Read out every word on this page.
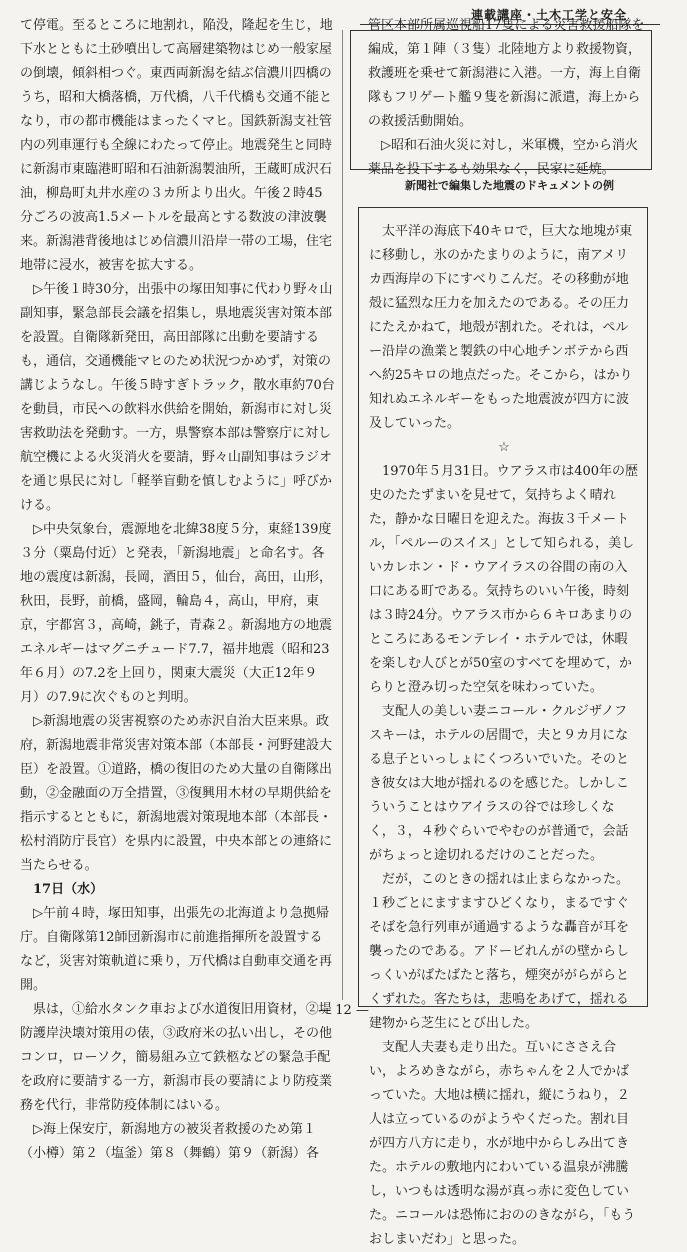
連載講座・土木工学と安全

て停電。至るところに地割れ，陥没，隆起を生じ，地下水とともに土砂噴出して高層建築物はじめ一般家屋の倒壊，傾斜相つぐ。東西両新潟を結ぶ信濃川四橋のうち，昭和大橋落橋，万代橋，八千代橋も交通不能となり，市の都市機能はまったくマヒ。国鉄新潟支社管内の列車運行も全線にわたって停止。地震発生と同時に新潟市東臨港町昭和石油新潟製油所，王蔵町成沢石油，柳島町丸井水産の３カ所より出火。午後２時45分ごろの波高1.5メートルを最高とする数波の津波襲来。新潟港背後地はじめ信濃川沿岸一帯の工場，住宅地帯に浸水，被害を拡大する。

▷午後１時30分，出張中の塚田知事に代わり野々山副知事，緊急部長会議を招集し，県地震災害対策本部を設置。自衛隊新発田，高田部隊に出動を要請するも，通信，交通機能マヒのため状況つかめず，対策の講じようなし。午後５時すぎトラック，散水車約70台を動員，市民への飲料水供給を開始，新潟市に対し災害救助法を発動す。一方，県警察本部は警察庁に対し航空機による火災消火を要請，野々山副知事はラジオを通じ県民に対し「軽挙盲動を慎しむように」呼びかける。

▷中央気象台，震源地を北緯38度５分，東経139度３分（粟島付近）と発表，「新潟地震」と命名す。各地の震度は新潟，長岡，酒田５，仙台，高田，山形，秋田，長野，前橋，盛岡，輪島４，高山，甲府，東京，宇都宮３，高崎，銚子，青森２。新潟地方の地震エネルギーはマグニチュード7.7，福井地震（昭和23年６月）の7.2を上回り，関東大震災（大正12年９月）の7.9に次ぐものと判明。

▷新潟地震の災害視察のため赤沢自治大臣来県。政府，新潟地震非常災害対策本部（本部長・河野建設大臣）を設置。①道路，橋の復旧のため大量の自衛隊出動，②金融面の万全措置，③復興用木材の早期供給を指示するとともに，新潟地震対策現地本部（本部長・松村消防庁長官）を県内に設置，中央本部との連絡に当たらせる。

17日（水）

▷午前４時，塚田知事，出張先の北海道より急拠帰庁。自衛隊第12師団新潟市に前進指揮所を設置するなど，災害対策軌道に乗り，万代橋は自動車交通を再開。

県は，①給水タンク車および水道復旧用資材，②堤防護岸決壊対策用の俵，③政府米の払い出し，その他コンロ，ローソク，簡易組み立て鉄柩などの緊急手配を政府に要請する一方，新潟市長の要請により防疫業務を代行，非常防疫体制にはいる。

▷海上保安庁，新潟地方の被災者救援のため第１（小樽）第２（塩釜）第８（舞鶴）第９（新潟）各

管区本部所属巡視船17隻による災害救援船隊を編成，第１陣（３隻）北陸地方より救援物資，救護班を乗せて新潟港に入港。一方，海上自衛隊もフリゲート艦９隻を新潟に派遣，海上からの救援活動開始。

▷昭和石油火災に対し，米軍機，空から消火薬品を投下するも効果なく，民家に延焼。

新聞社で編集した地震のドキュメントの例

太平洋の海底下40キロで，巨大な地塊が東に移動し，氷のかたまりのように，南アメリカ西海岸の下にすべりこんだ。その移動が地殻に猛烈な圧力を加えたのである。その圧力にたえかねて，地殻が割れた。それは，ペルー沿岸の漁業と製鉄の中心地チンボテから西へ約25キロの地点だった。そこから，はかり知れぬエネルギーをもった地震波が四方に波及していった。

☆

1970年５月31日。ウアラス市は400年の歴史のたたずまいを見せて，気持ちよく晴れた，静かな日曜日を迎えた。海抜３千メートル，「ペルーのスイス」として知られる，美しいカレホン・ド・ウアイラスの谷間の南の入口にある町である。気持ちのいい午後，時刻は３時24分。ウアラス市から６キロあまりのところにあるモンテレイ・ホテルでは，休暇を楽しむ人びとが50室のすべてを埋めて，からりと澄み切った空気を味わっていた。

支配人の美しい妻ニコール・クルジザノフスキーは，ホテルの居間で，夫と９カ月になる息子といっしょにくつろいでいた。そのとき彼女は大地が揺れるのを感じた。しかしこういうことはウアイラスの谷では珍しくなく，３，４秒ぐらいでやむのが普通で，会話がちょっと途切れるだけのことだった。

だが，このときの揺れは止まらなかった。１秒ごとにますますひどくなり，まるですぐそばを急行列車が通過するような轟音が耳を襲ったのである。アドービれんがの壁からしっくいがばたばたと落ち，煙突ががらがらとくずれた。客たちは，悲鳴をあげて，揺れる建物から芝生にとび出した。

支配人夫妻も走り出た。互いにささえ合い，よろめきながら，赤ちゃんを２人でかばっていた。大地は横に揺れ，縦にうねり，２人は立っているのがようやくだった。割れ目が四方八方に走り，水が地中からしみ出てきた。ホテルの敷地内にわいている温泉が沸騰し，いつもは透明な湯が真っ赤に変色していた。ニコールは恐怖におののきながら，「もうおしまいだわ」と思った。

— 12 —
